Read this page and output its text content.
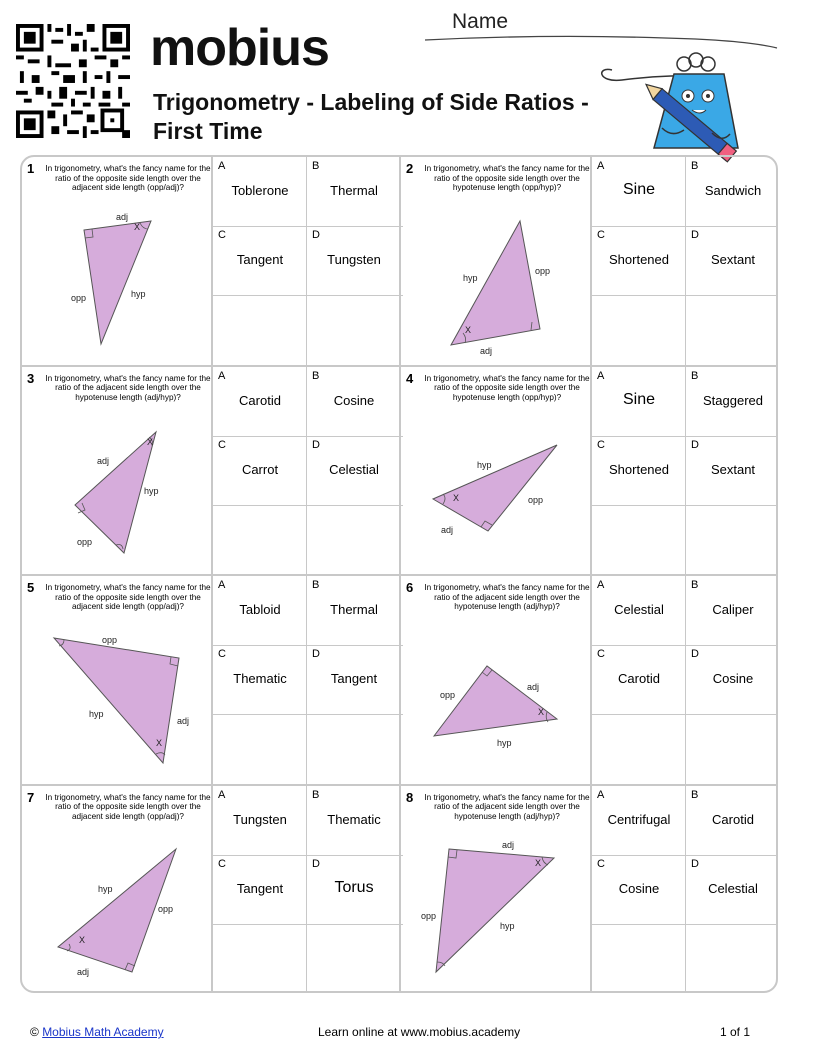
mobius
Trigonometry - Labeling of Side Ratios - First Time
Name
1 In trigonometry, what's the fancy name for the ratio of the opposite side length over the adjacent side length (opp/adj)?
X
adj
hyp
opp
A
Toblerone
B
Thermal
C
Tangent
D
Tungsten
2 In trigonometry, what's the fancy name for the ratio of the opposite side length over the hypotenuse length (opp/hyp)?
X
hyp
opp
adj
A
Sine
B
Sandwich
C
Shortened
D
Sextant
3 In trigonometry, what's the fancy name for the ratio of the adjacent side length over the hypotenuse length (adj/hyp)?
X
adj
hyp
opp
A
Carotid
B
Cosine
C
Carrot
D
Celestial
4 In trigonometry, what's the fancy name for the ratio of the opposite side length over the hypotenuse length (opp/hyp)?
X
hyp
opp
adj
A
Sine
B
Staggered
C
Shortened
D
Sextant
5 In trigonometry, what's the fancy name for the ratio of the opposite side length over the adjacent side length (opp/adj)?
X
opp
hyp
adj
A
Tabloid
B
Thermal
C
Thematic
D
Tangent
6 In trigonometry, what's the fancy name for the ratio of the adjacent side length over the hypotenuse length (adj/hyp)?
X
opp
adj
hyp
A
Celestial
B
Caliper
C
Carotid
D
Cosine
7 In trigonometry, what's the fancy name for the ratio of the opposite side length over the adjacent side length (opp/adj)?
X
hyp
opp
adj
A
Tungsten
B
Thematic
C
Tangent
D
Torus
8 In trigonometry, what's the fancy name for the ratio of the adjacent side length over the hypotenuse length (adj/hyp)?
X
adj
opp
hyp
A
Centrifugal
B
Carotid
C
Cosine
D
Celestial
© Mobius Math Academy	Learn online at www.mobius.academy	1 of 1
